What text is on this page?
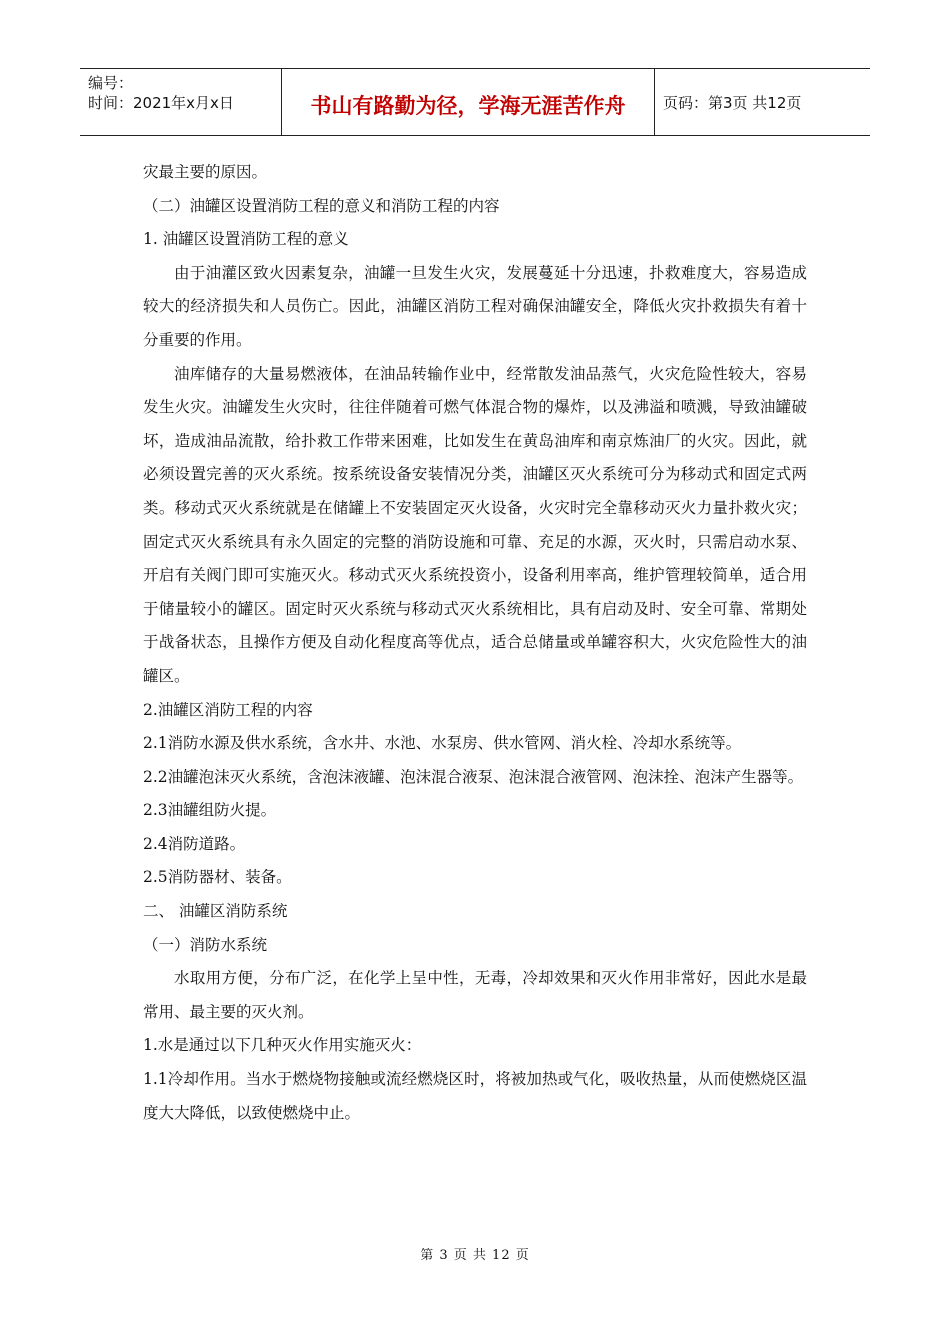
编号：
时间：2021年x月x日	书山有路勤为径，学海无涯苦作舟	页码：第3页 共12页

灾最主要的原因。

（二）油罐区设置消防工程的意义和消防工程的内容

1. 油罐区设置消防工程的意义

由于油灌区致火因素复杂，油罐一旦发生火灾，发展蔓延十分迅速，扑救难度大，容易造成较大的经济损失和人员伤亡。因此，油罐区消防工程对确保油罐安全，降低火灾扑救损失有着十分重要的作用。

油库储存的大量易燃液体，在油品转输作业中，经常散发油品蒸气，火灾危险性较大，容易发生火灾。油罐发生火灾时，往往伴随着可燃气体混合物的爆炸，以及沸溢和喷溅，导致油罐破坏，造成油品流散，给扑救工作带来困难，比如发生在黄岛油库和南京炼油厂的火灾。因此，就必须设置完善的灭火系统。按系统设备安装情况分类，油罐区灭火系统可分为移动式和固定式两类。移动式灭火系统就是在储罐上不安装固定灭火设备，火灾时完全靠移动灭火力量扑救火灾；固定式灭火系统具有永久固定的完整的消防设施和可靠、充足的水源，灭火时，只需启动水泵、开启有关阀门即可实施灭火。移动式灭火系统投资小，设备利用率高，维护管理较简单，适合用于储量较小的罐区。固定时灭火系统与移动式灭火系统相比，具有启动及时、安全可靠、常期处于战备状态，且操作方便及自动化程度高等优点，适合总储量或单罐容积大，火灾危险性大的油罐区。

2.油罐区消防工程的内容

2.1消防水源及供水系统，含水井、水池、水泵房、供水管网、消火栓、冷却水系统等。

2.2油罐泡沫灭火系统，含泡沫液罐、泡沫混合液泵、泡沫混合液管网、泡沫拴、泡沫产生器等。

2.3油罐组防火提。

2.4消防道路。

2.5消防器材、装备。

二、 油罐区消防系统

（一）消防水系统

水取用方便，分布广泛，在化学上呈中性，无毒，冷却效果和灭火作用非常好，因此水是最常用、最主要的灭火剂。

1.水是通过以下几种灭火作用实施灭火：

1.1冷却作用。当水于燃烧物接触或流经燃烧区时，将被加热或气化，吸收热量，从而使燃烧区温度大大降低，以致使燃烧中止。

第 3 页 共 12 页
